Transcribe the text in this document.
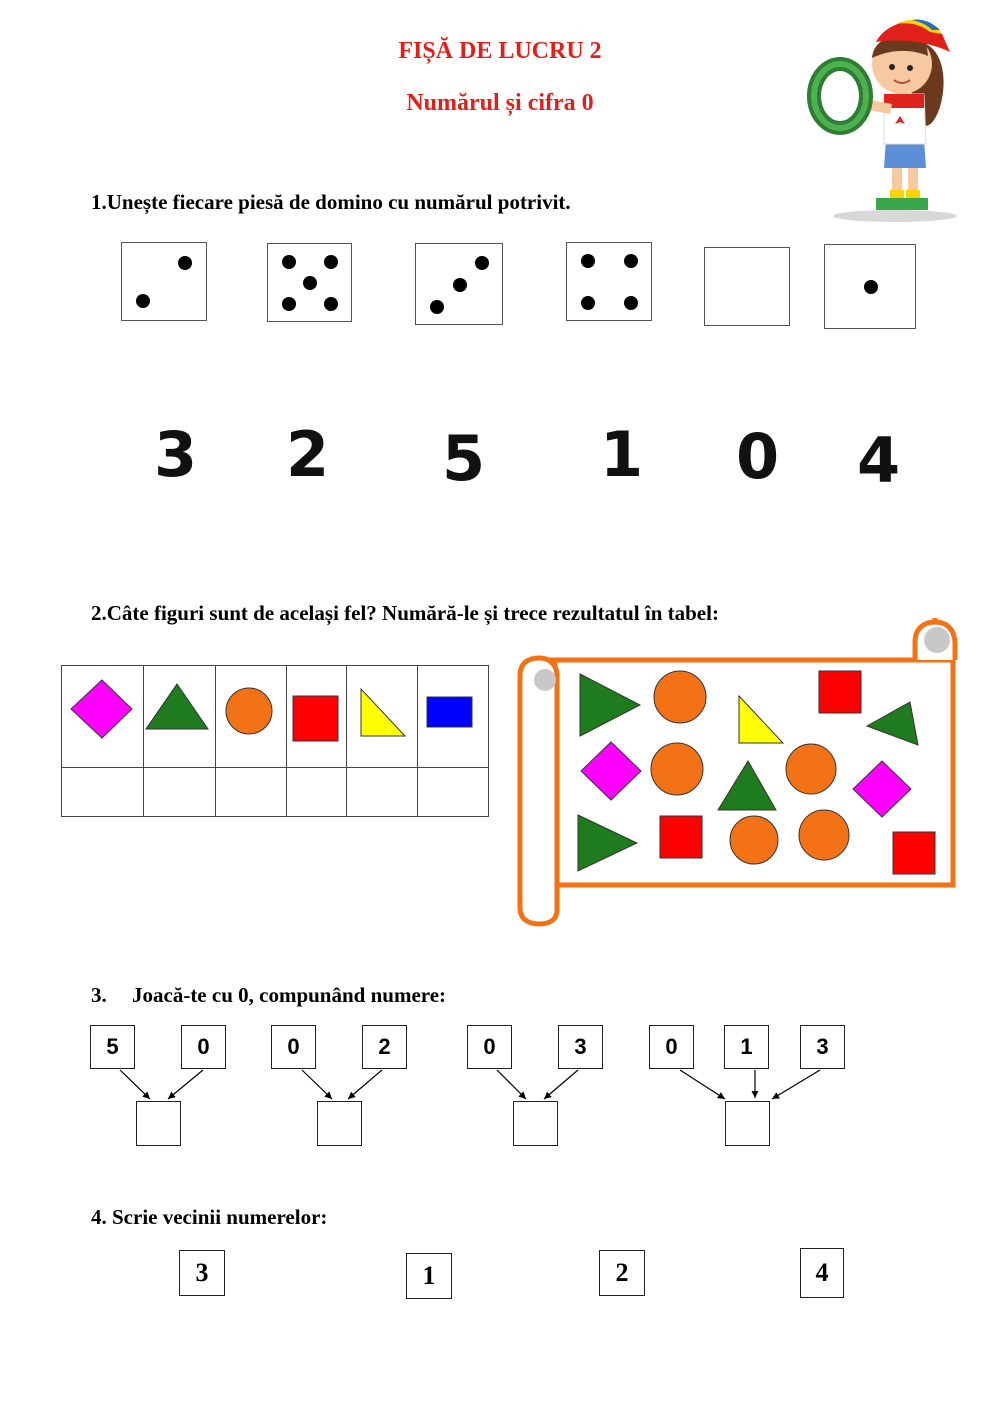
FIȘĂ DE LUCRU 2
Numărul și cifra 0
1.Unește fiecare piesă de domino cu numărul potrivit.
3 2 5 1 0 4
2.Câte figuri sunt de același fel? Numără-le și trece rezultatul în tabel:

3. Joacă-te cu 0, compunând numere:
5	0	0	2	0	3	0	1	3
4. Scrie vecinii numerelor:
3	1	2	4
